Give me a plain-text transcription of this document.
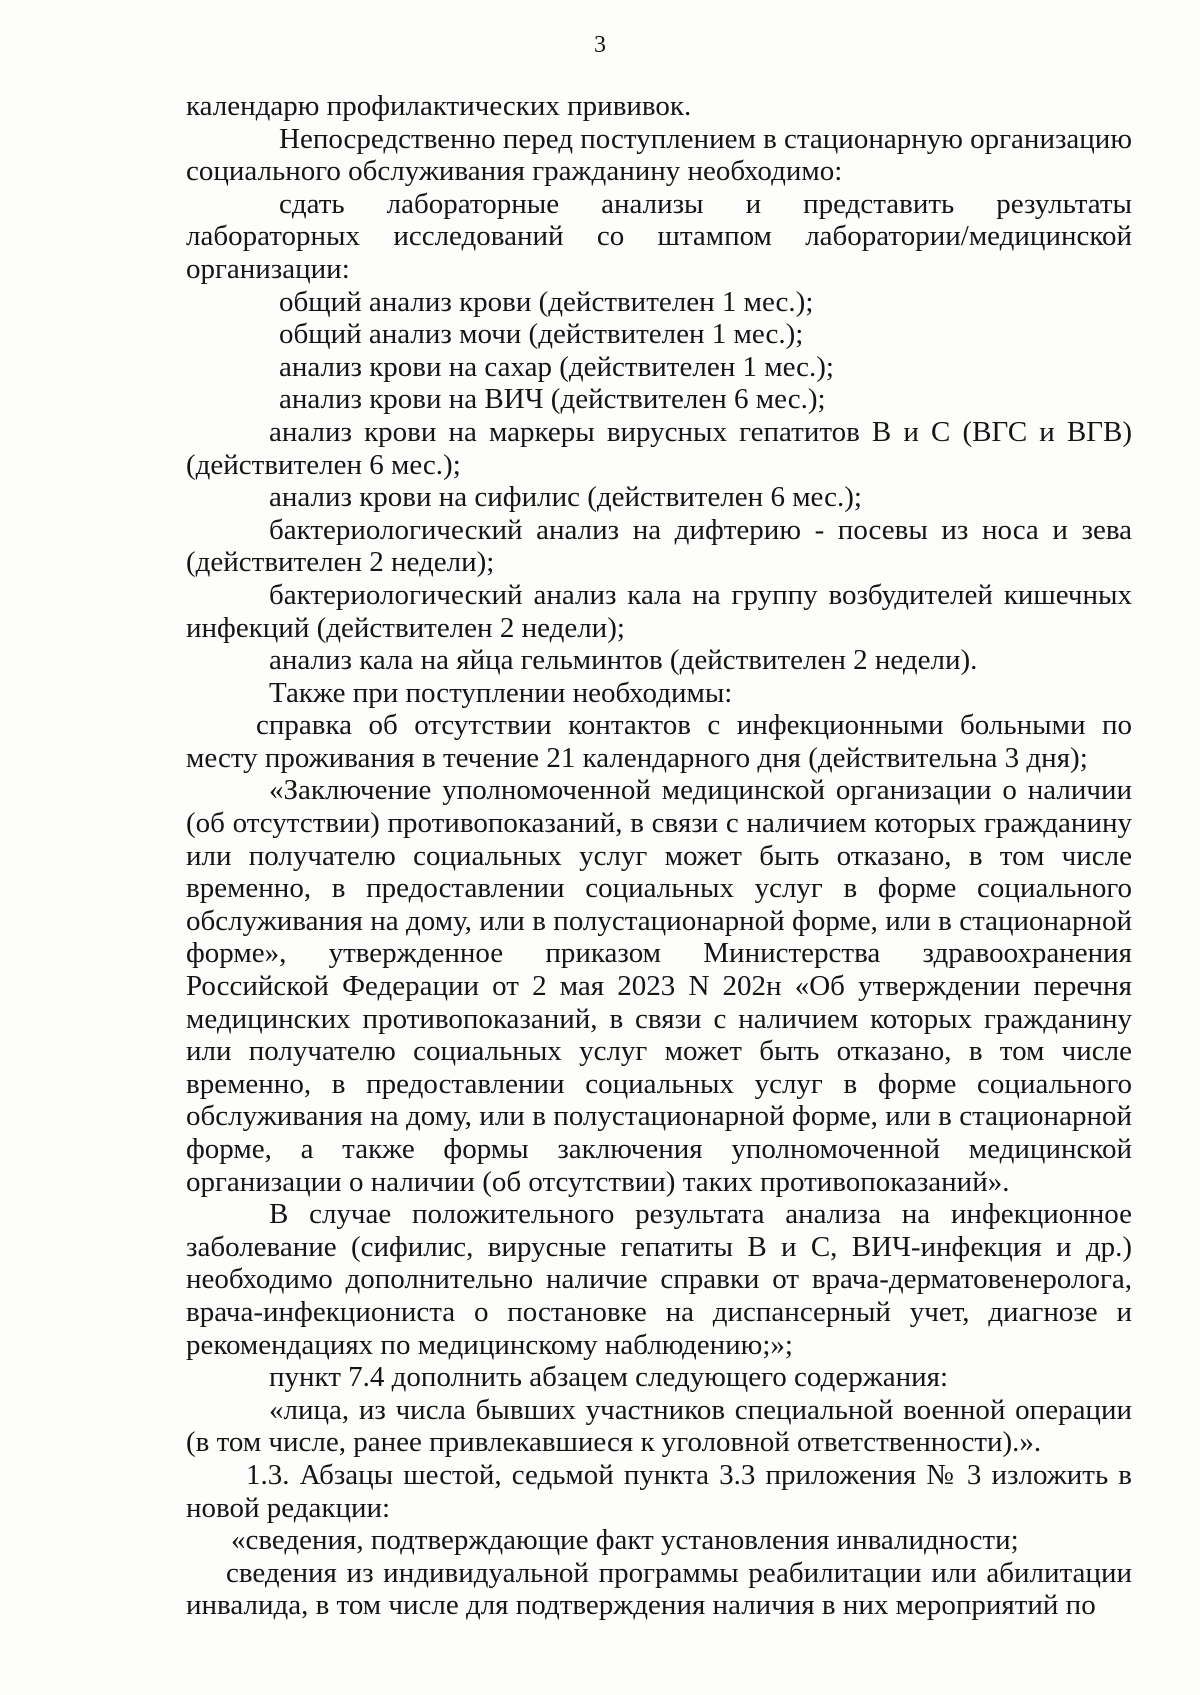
3

календарю профилактических прививок.

Непосредственно перед поступлением в стационарную организацию социального обслуживания гражданину необходимо:

сдать лабораторные анализы и представить результаты лабораторных исследований со штампом лаборатории/медицинской организации:

общий анализ крови (действителен 1 мес.);

общий анализ мочи (действителен 1 мес.);

анализ крови на сахар (действителен 1 мес.);

анализ крови на ВИЧ (действителен 6 мес.);

анализ крови на маркеры вирусных гепатитов В и С (ВГС и ВГВ) (действителен 6 мес.);

анализ крови на сифилис (действителен 6 мес.);

бактериологический анализ на дифтерию - посевы из носа и зева (действителен 2 недели);

бактериологический анализ кала на группу возбудителей кишечных инфекций (действителен 2 недели);

анализ кала на яйца гельминтов (действителен 2 недели).

Также при поступлении необходимы:

справка об отсутствии контактов с инфекционными больными по месту проживания в течение 21 календарного дня (действительна 3 дня);

«Заключение уполномоченной медицинской организации о наличии (об отсутствии) противопоказаний, в связи с наличием которых гражданину или получателю социальных услуг может быть отказано, в том числе временно, в предоставлении социальных услуг в форме социального обслуживания на дому, или в полустационарной форме, или в стационарной форме», утвержденное приказом Министерства здравоохранения Российской Федерации от 2 мая 2023 N 202н «Об утверждении перечня медицинских противопоказаний, в связи с наличием которых гражданину или получателю социальных услуг может быть отказано, в том числе временно, в предоставлении социальных услуг в форме социального обслуживания на дому, или в полустационарной форме, или в стационарной форме, а также формы заключения уполномоченной медицинской организации о наличии (об отсутствии) таких противопоказаний».

В случае положительного результата анализа на инфекционное заболевание (сифилис, вирусные гепатиты В и С, ВИЧ-инфекция и др.) необходимо дополнительно наличие справки от врача-дерматовенеролога, врача-инфекциониста о постановке на диспансерный учет, диагнозе и рекомендациях по медицинскому наблюдению;»;

пункт 7.4 дополнить абзацем следующего содержания:

«лица, из числа бывших участников специальной военной операции (в том числе, ранее привлекавшиеся к уголовной ответственности).».

1.3. Абзацы шестой, седьмой пункта 3.3 приложения № 3 изложить в новой редакции:

«сведения, подтверждающие факт установления инвалидности;

сведения из индивидуальной программы реабилитации или абилитации инвалида, в том числе для подтверждения наличия в них мероприятий по
